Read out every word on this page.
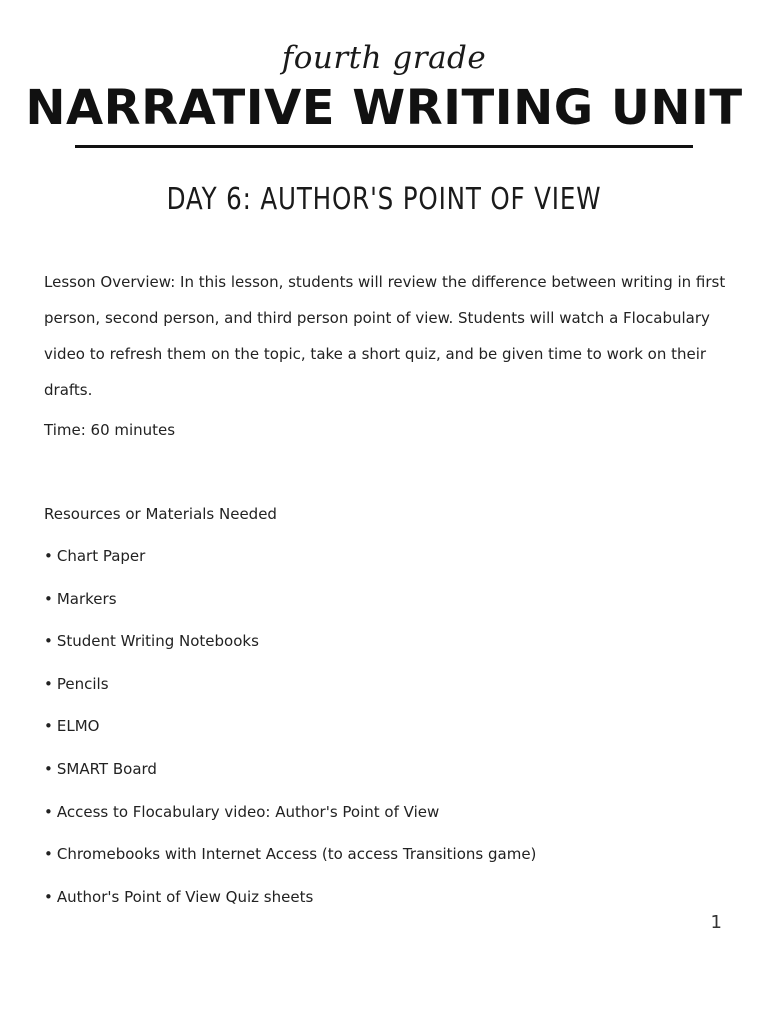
fourth grade
NARRATIVE WRITING UNIT
DAY 6: AUTHOR'S POINT OF VIEW
Lesson Overview: In this lesson, students will review the difference between writing in first person, second person, and third person point of view. Students will watch a Flocabulary video to refresh them on the topic, take a short quiz, and be given time to work on their drafts.
Time: 60 minutes
Resources or Materials Needed
• Chart Paper
• Markers
• Student Writing Notebooks
• Pencils
• ELMO
• SMART Board
• Access to Flocabulary video: Author's Point of View
• Chromebooks with Internet Access (to access Transitions game)
• Author's Point of View Quiz sheets
1
